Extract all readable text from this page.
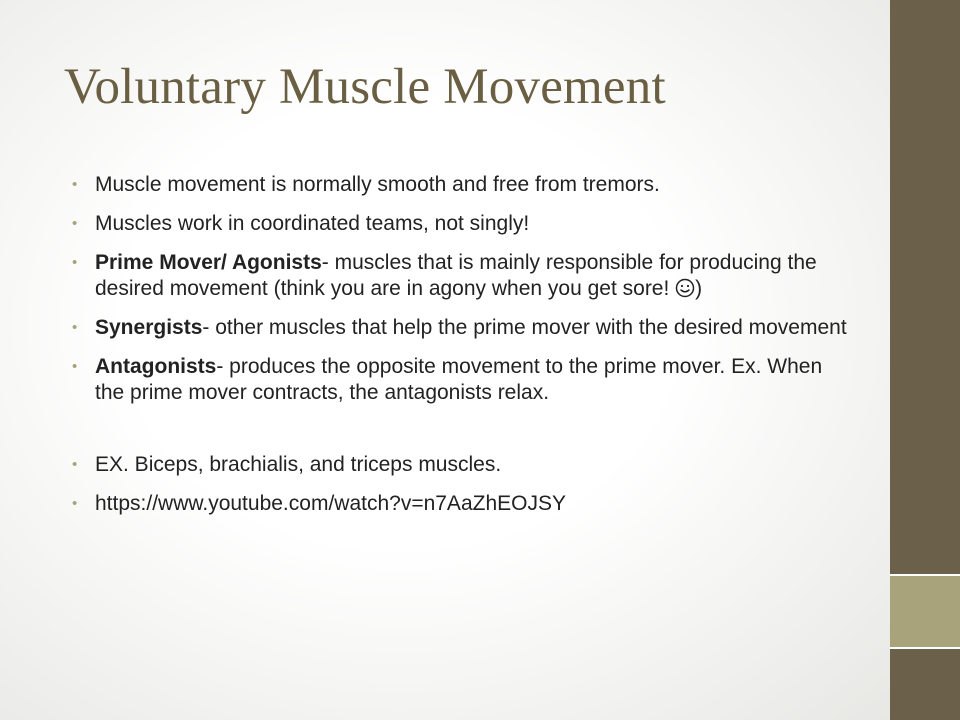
Voluntary Muscle Movement
• Muscle movement is normally smooth and free from tremors.
• Muscles work in coordinated teams, not singly!
• Prime Mover/ Agonists- muscles that is mainly responsible for producing the desired movement (think you are in agony when you get sore! )
• Synergists- other muscles that help the prime mover with the desired movement
• Antagonists- produces the opposite movement to the prime mover. Ex. When the prime mover contracts, the antagonists relax.
• EX. Biceps, brachialis, and triceps muscles.
• https://www.youtube.com/watch?v=n7AaZhEOJSY
